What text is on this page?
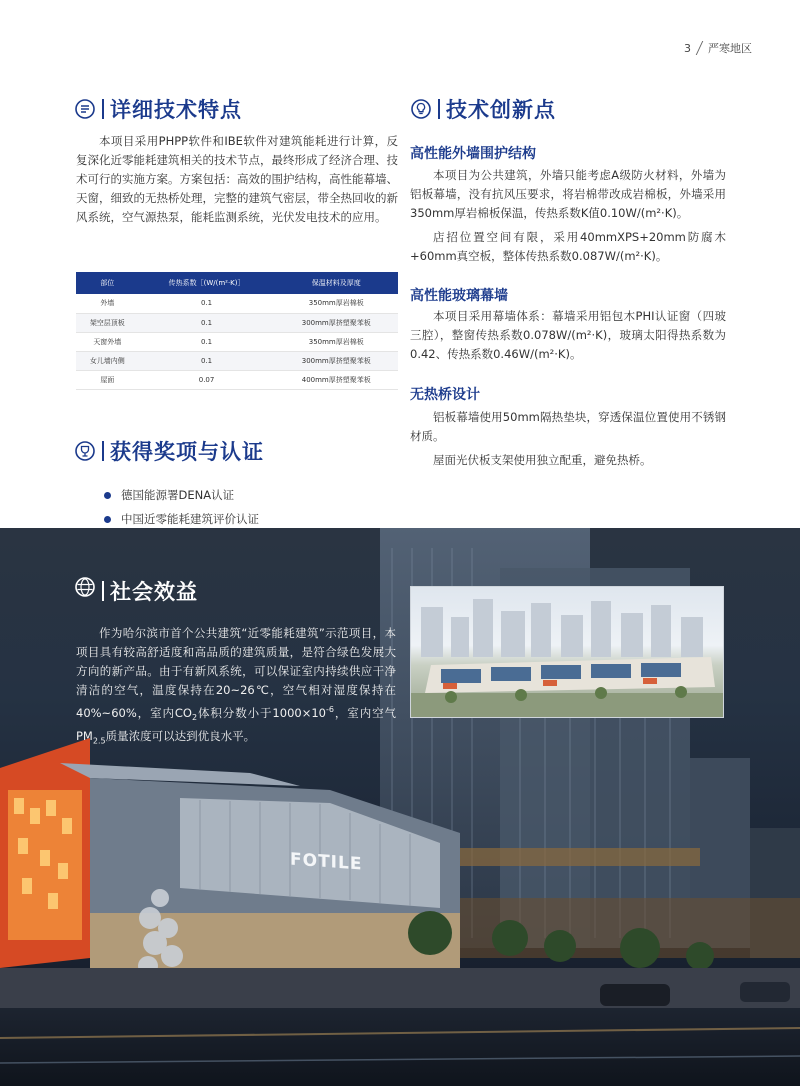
3 严寒地区
详细技术特点

本项目采用PHPP软件和IBE软件对建筑能耗进行计算，反复深化近零能耗建筑相关的技术节点，最终形成了经济合理、技术可行的实施方案。方案包括：高效的围护结构，高性能幕墙、天窗，细致的无热桥处理，完整的建筑气密层，带全热回收的新风系统，空气源热泵，能耗监测系统，光伏发电技术的应用。

部位	传热系数［(W/(m²·K)］	保温材料及厚度
外墙	0.1	350mm厚岩棉板
架空层顶板	0.1	300mm厚挤塑聚苯板
天窗外墙	0.1	350mm厚岩棉板
女儿墙内侧	0.1	300mm厚挤塑聚苯板
屋面	0.07	400mm厚挤塑聚苯板
获得奖项与认证
德国能源署DENA认证
中国近零能耗建筑评价认证
技术创新点
高性能外墙围护结构

本项目为公共建筑，外墙只能考虑A级防火材料，外墙为铝板幕墙，没有抗风压要求，将岩棉带改成岩棉板，外墙采用350mm厚岩棉板保温，传热系数K值0.10W/(m²·K)。

店招位置空间有限，采用40mmXPS+20mm防腐木+60mm真空板，整体传热系数0.087W/(m²·K)。

高性能玻璃幕墙

本项目采用幕墙体系：幕墙采用铝包木PHI认证窗（四玻三腔），整窗传热系数0.078W/(m²·K)，玻璃太阳得热系数为0.42、传热系数0.46W/(m²·K)。

无热桥设计

铝板幕墙使用50mm隔热垫块，穿透保温位置使用不锈钢材质。

屋面光伏板支架使用独立配重，避免热桥。

FOTILE
社会效益

作为哈尔滨市首个公共建筑“近零能耗建筑”示范项目，本项目具有较高舒适度和高品质的建筑质量，是符合绿色发展大方向的新产品。由于有新风系统，可以保证室内持续供应干净清洁的空气，温度保持在20~26℃，空气相对湿度保持在40%~60%，室内$CO_2$体积分数小于$1000\times 10^{-6}$，室内空气$PM_{2.5}$质量浓度可以达到优良水平。
